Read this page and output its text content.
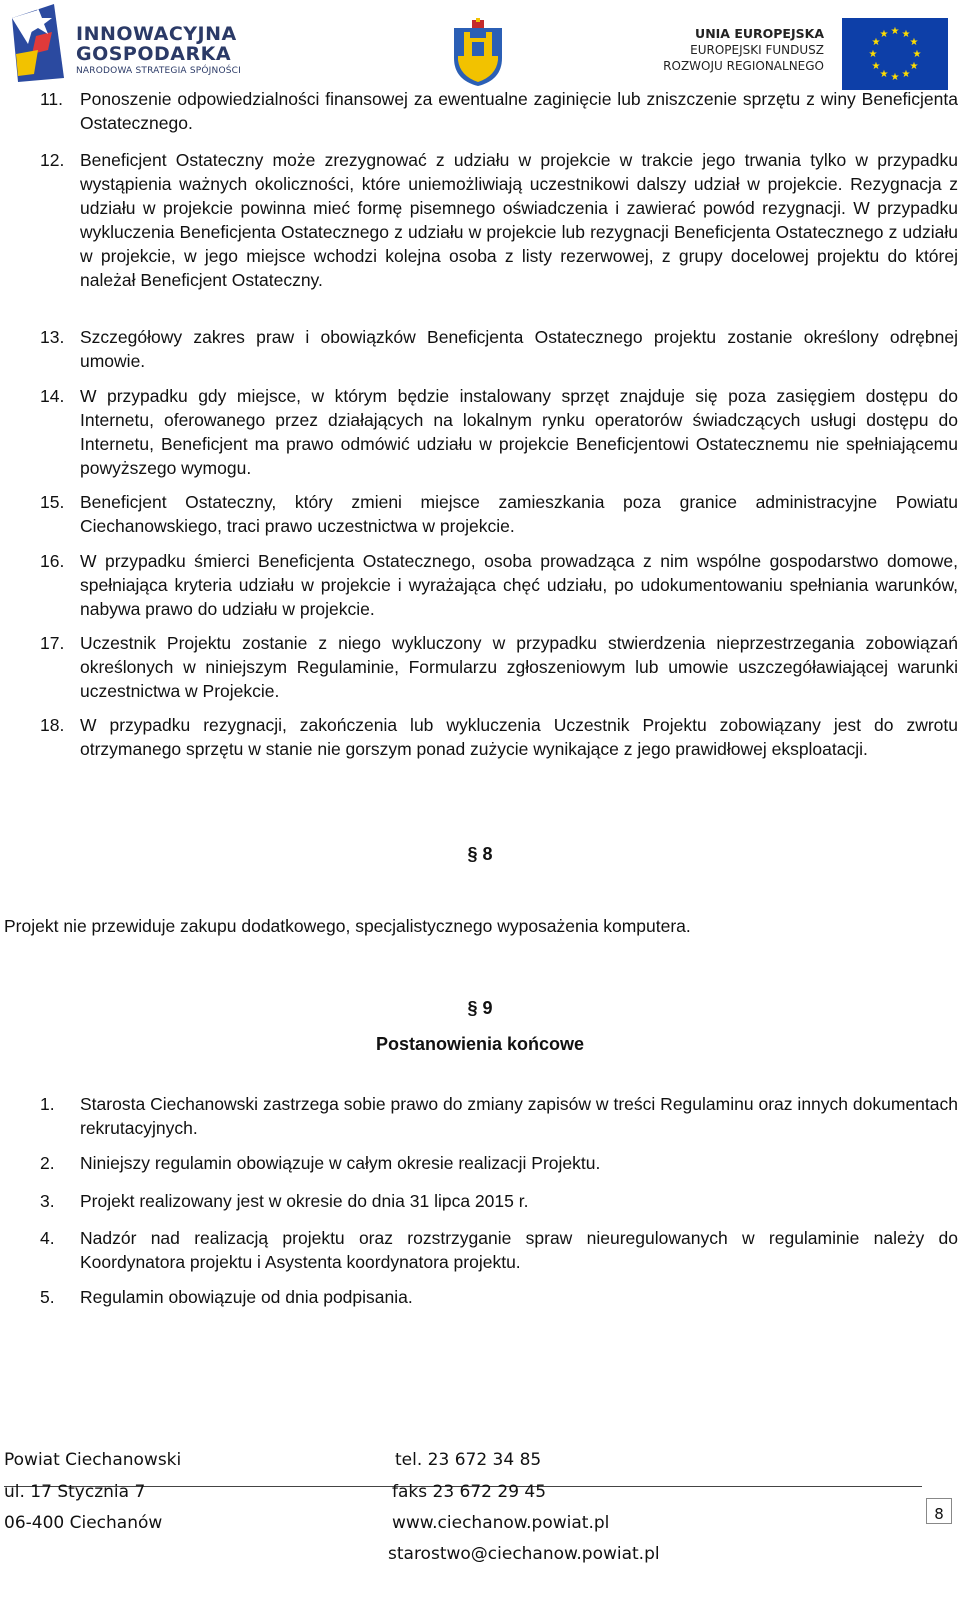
INNOWACYJNA
GOSPODARKA
NARODOWA STRATEGIA SPÓJNOŚCI
UNIA EUROPEJSKA
EUROPEJSKI FUNDUSZ
ROZWOJU REGIONALNEGO
★ ★
★
★
★
★
★
★
★
★
★
★
11. Ponoszenie odpowiedzialności finansowej za ewentualne zaginięcie lub zniszczenie sprzętu z winy Beneficjenta Ostatecznego.
12. Beneficjent Ostateczny może zrezygnować z udziału w projekcie w trakcie jego trwania tylko w przypadku wystąpienia ważnych okoliczności, które uniemożliwiają uczestnikowi dalszy udział w projekcie. Rezygnacja z udziału w projekcie powinna mieć formę pisemnego oświadczenia i zawierać powód rezygnacji. W przypadku wykluczenia Beneficjenta Ostatecznego z udziału w projekcie lub rezygnacji Beneficjenta Ostatecznego z udziału w projekcie, w jego miejsce wchodzi kolejna osoba z listy rezerwowej, z grupy docelowej projektu do której należał Beneficjent Ostateczny.
13. Szczegółowy zakres praw i obowiązków Beneficjenta Ostatecznego projektu zostanie określony odrębnej umowie.
14. W przypadku gdy miejsce, w którym będzie instalowany sprzęt znajduje się poza zasięgiem dostępu do Internetu, oferowanego przez działających na lokalnym rynku operatorów świadczących usługi dostępu do Internetu, Beneficjent ma prawo odmówić udziału w projekcie Beneficjentowi Ostatecznemu nie spełniającemu powyższego wymogu.
15. Beneficjent Ostateczny, który zmieni miejsce zamieszkania poza granice administracyjne Powiatu Ciechanowskiego, traci prawo uczestnictwa w projekcie.
16. W przypadku śmierci Beneficjenta Ostatecznego, osoba prowadząca z nim wspólne gospodarstwo domowe, spełniająca kryteria udziału w projekcie i wyrażająca chęć udziału, po udokumentowaniu spełniania warunków, nabywa prawo do udziału w projekcie.
17. Uczestnik Projektu zostanie z niego wykluczony w przypadku stwierdzenia nieprzestrzegania zobowiązań określonych w niniejszym Regulaminie, Formularzu zgłoszeniowym lub umowie uszczegóławiającej warunki uczestnictwa w Projekcie.
18. W przypadku rezygnacji, zakończenia lub wykluczenia Uczestnik Projektu zobowiązany jest do zwrotu otrzymanego sprzętu w stanie nie gorszym ponad zużycie wynikające z jego prawidłowej eksploatacji.
§ 8
Projekt nie przewiduje zakupu dodatkowego, specjalistycznego wyposażenia komputera.
§ 9
Postanowienia końcowe
1.	Starosta Ciechanowski zastrzega sobie prawo do zmiany zapisów w treści Regulaminu oraz innych dokumentach rekrutacyjnych.
2.	Niniejszy regulamin obowiązuje w całym okresie realizacji Projektu.
3.	Projekt realizowany jest w okresie do dnia 31 lipca 2015 r.
4.	Nadzór nad realizacją projektu oraz rozstrzyganie spraw nieuregulowanych w regulaminie należy do Koordynatora projektu i Asystenta koordynatora projektu.
5.	Regulamin obowiązuje od dnia podpisania.
Powiat Ciechanowski
ul. 17 Stycznia 7
06-400 Ciechanów
tel. 23 672 34 85
faks 23 672 29 45
www.ciechanow.powiat.pl
starostwo@ciechanow.powiat.pl
8
